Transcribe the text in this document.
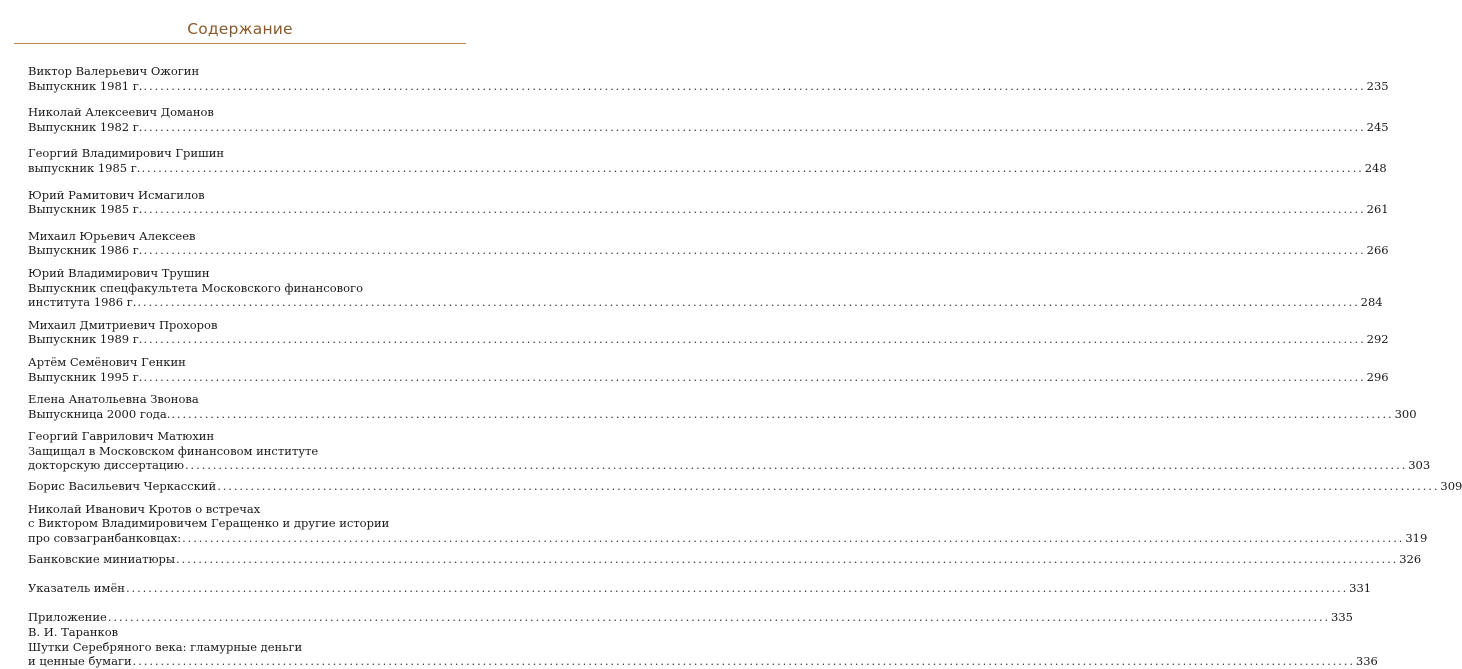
Содержание
Виктор Валерьевич Ожогин
Выпускник 1981 г. ............................................................................................................................................................................................................................ 235
Николай Алексеевич Доманов
Выпускник 1982 г. ............................................................................................................................................................................................................................ 245
Георгий Владимирович Гришин
выпускник 1985 г. ............................................................................................................................................................................................................................ 248
Юрий Рамитович Исмагилов
Выпускник 1985 г. ............................................................................................................................................................................................................................ 261
Михаил Юрьевич Алексеев
Выпускник 1986 г. ............................................................................................................................................................................................................................ 266
Юрий Владимирович Трушин
Выпускник спецфакультета Московского финансового
института 1986 г. ............................................................................................................................................................................................................................ 284
Михаил Дмитриевич Прохоров
Выпускник 1989 г. ............................................................................................................................................................................................................................ 292
Артём Семёнович Генкин
Выпускник 1995 г. ............................................................................................................................................................................................................................ 296
Елена Анатольевна Звонова
Выпускница 2000 года. ............................................................................................................................................................................................................................ 300
Георгий Гаврилович Матюхин
Защищал в Московском финансовом институте
докторскую диссертацию ............................................................................................................................................................................................................................ 303
Борис Васильевич Черкасский ............................................................................................................................................................................................................................ 309
Николай Иванович Кротов о встречах
с Виктором Владимировичем Геращенко и другие истории
про совзагранбанковцах: ............................................................................................................................................................................................................................ 319
Банковские миниатюры ............................................................................................................................................................................................................................ 326
Указатель имён ............................................................................................................................................................................................................................ 331
Приложение ............................................................................................................................................................................................................................ 335
В. И. Таранков
Шутки Серебряного века: гламурные деньги
и ценные бумаги ............................................................................................................................................................................................................................ 336
